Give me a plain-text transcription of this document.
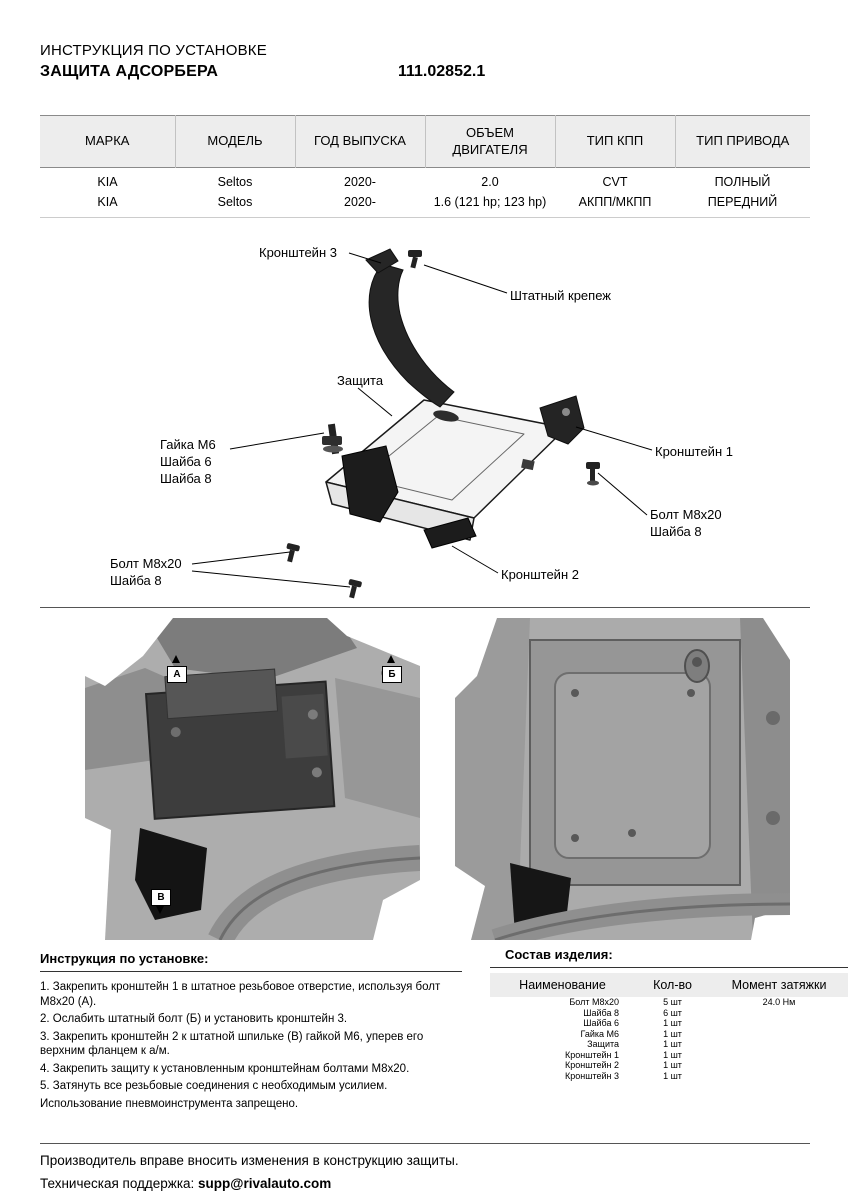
ИНСТРУКЦИЯ ПО УСТАНОВКЕ
ЗАЩИТА АДСОРБЕРА	111.02852.1
МАРКА	МОДЕЛЬ	ГОД ВЫПУСКА	ОБЪЕМ ДВИГАТЕЛЯ	ТИП КПП	ТИП ПРИВОДА
KIA	Seltos	2020-	2.0	CVT	ПОЛНЫЙ
KIA	Seltos	2020-	1.6 (121 hp; 123 hp)	АКПП/МКПП	ПЕРЕДНИЙ
Кронштейн 3
Штатный крепеж
Защита
Гайка М6
Шайба 6
Шайба 8
Кронштейн 1
Болт М8х20
Шайба 8
Кронштейн 2
Болт М8х20
Шайба 8
А	Б
В
Инструкция по установке:

1. Закрепить кронштейн 1 в штатное резьбовое отверстие, используя болт М8х20 (А).

2. Ослабить штатный болт (Б) и установить кронштейн 3.

3. Закрепить кронштейн 2 к штатной шпильке (В) гайкой М6, уперев его верхним фланцем к а/м.

4. Закрепить защиту к установленным кронштейнам болтами М8х20.

5. Затянуть все резьбовые соединения с необходимым усилием.

Использование пневмоинструмента запрещено.

Состав изделия:
Наименование	Кол-во	Момент затяжки
Болт М8х20	5 шт	24.0 Нм
Шайба 8	6 шт	
Шайба 6	1 шт	
Гайка М6	1 шт	
Защита	1 шт	
Кронштейн 1	1 шт	
Кронштейн 2	1 шт	
Кронштейн 3	1 шт	
Производитель вправе вносить изменения в конструкцию защиты.
Техническая поддержка: supp@rivalauto.com
